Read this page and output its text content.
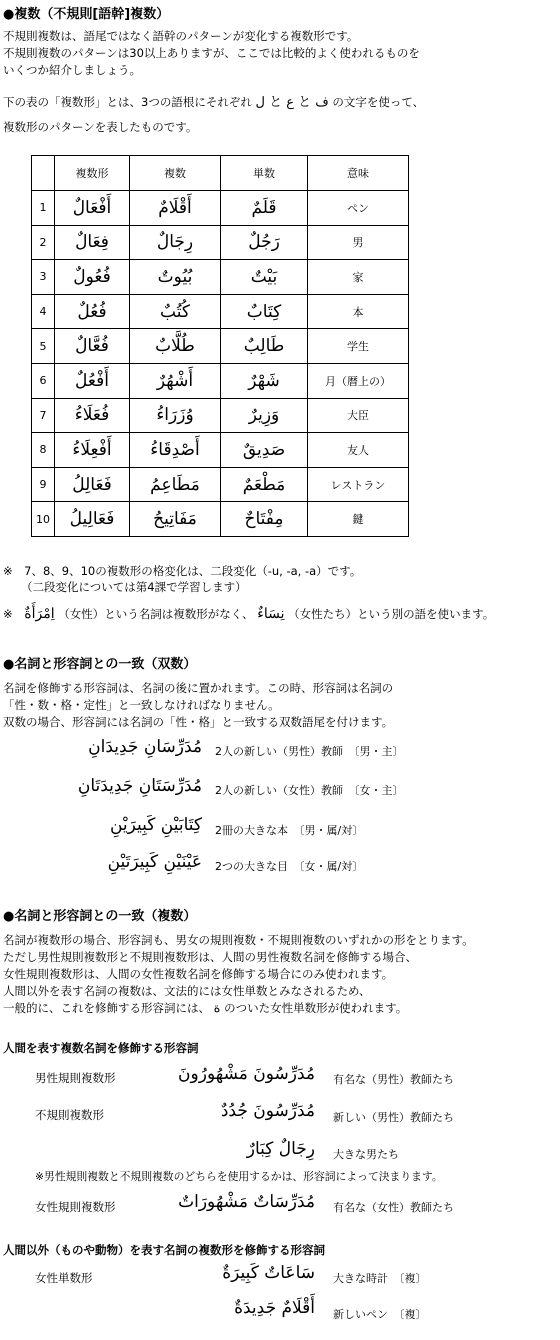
●複数（不規則[語幹]複数）
不規則複数は、語尾ではなく語幹のパターンが変化する複数形です。
不規則複数のパターンは30以上ありますが、ここでは比較的よく使われるものを
いくつか紹介しましょう。
下の表の「複数形」とは、3つの語根にそれぞれ ف と ع と ل の文字を使って、
複数形のパターンを表したものです。
	複数形	複数	単数	意味
1	أَفْعَالٌ	أَقْلَامٌ	قَلَمٌ	ペン
2	فِعَالٌ	رِجَالٌ	رَجُلٌ	男
3	فُعُولٌ	بُيُوتٌ	بَيْتٌ	家
4	فُعُلٌ	كُتُبٌ	كِتَابٌ	本
5	فُعَّالٌ	طُلَّابٌ	طَالِبٌ	学生
6	أَفْعُلٌ	أَشْهُرٌ	شَهْرٌ	月（暦上の）
7	فُعَلَاءُ	وُزَرَاءُ	وَزِيرٌ	大臣
8	أَفْعِلَاءُ	أَصْدِقَاءُ	صَدِيقٌ	友人
9	فَعَالِلُ	مَطَاعِمُ	مَطْعَمٌ	レストラン
10	فَعَالِيلُ	مَفَاتِيحُ	مِفْتَاحٌ	鍵
※　7、8、9、10の複数形の格変化は、二段変化（-u, -a, -a）です。
（二段変化については第4課で学習します）
※ اِمْرَأَةٌ （女性）という名詞は複数形がなく、 نِسَاءٌ （女性たち）という別の語を使います。
●名詞と形容詞との一致（双数）
名詞を修飾する形容詞は、名詞の後に置かれます。この時、形容詞は名詞の
「性・数・格・定性」と一致しなければなりません。
双数の場合、形容詞には名詞の「性・格」と一致する双数語尾を付けます。
مُدَرِّسَانِ جَدِيدَانِ 2人の新しい（男性）教師　〔男・主〕
مُدَرِّسَتَانِ جَدِيدَتَانِ 2人の新しい（女性）教師　〔女・主〕
كِتَابَيْنِ كَبِيرَيْنِ 2冊の大きな本　〔男・属/対〕
عَيْنَيْنِ كَبِيرَتَيْنِ 2つの大きな目　〔女・属/対〕
●名詞と形容詞との一致（複数）
名詞が複数形の場合、形容詞も、男女の規則複数・不規則複数のいずれかの形をとります。
ただし男性規則複数形と不規則複数形は、人間の男性複数名詞を修飾する場合、
女性規則複数形は、人間の女性複数名詞を修飾する場合にのみ使われます。
人間以外を表す名詞の複数は、文法的には女性単数とみなされるため、
一般的に、これを修飾する形容詞には、 ة のついた女性単数形が使われます。
人間を表す複数名詞を修飾する形容詞
男性規則複数形	مُدَرِّسُونَ مَشْهُورُونَ 有名な（男性）教師たち
不規則複数形	مُدَرِّسُونَ جُدُدٌ 新しい（男性）教師たち
رِجَالٌ كِبَارٌ 大きな男たち
※男性規則複数と不規則複数のどちらを使用するかは、形容詞によって決まります。
女性規則複数形	مُدَرِّسَاتٌ مَشْهُورَاتٌ 有名な（女性）教師たち
人間以外（ものや動物）を表す名詞の複数形を修飾する形容詞
女性単数形	سَاعَاتٌ كَبِيرَةٌ 大きな時計　〔複〕
أَقْلَامٌ جَدِيدَةٌ 新しいペン　〔複〕
